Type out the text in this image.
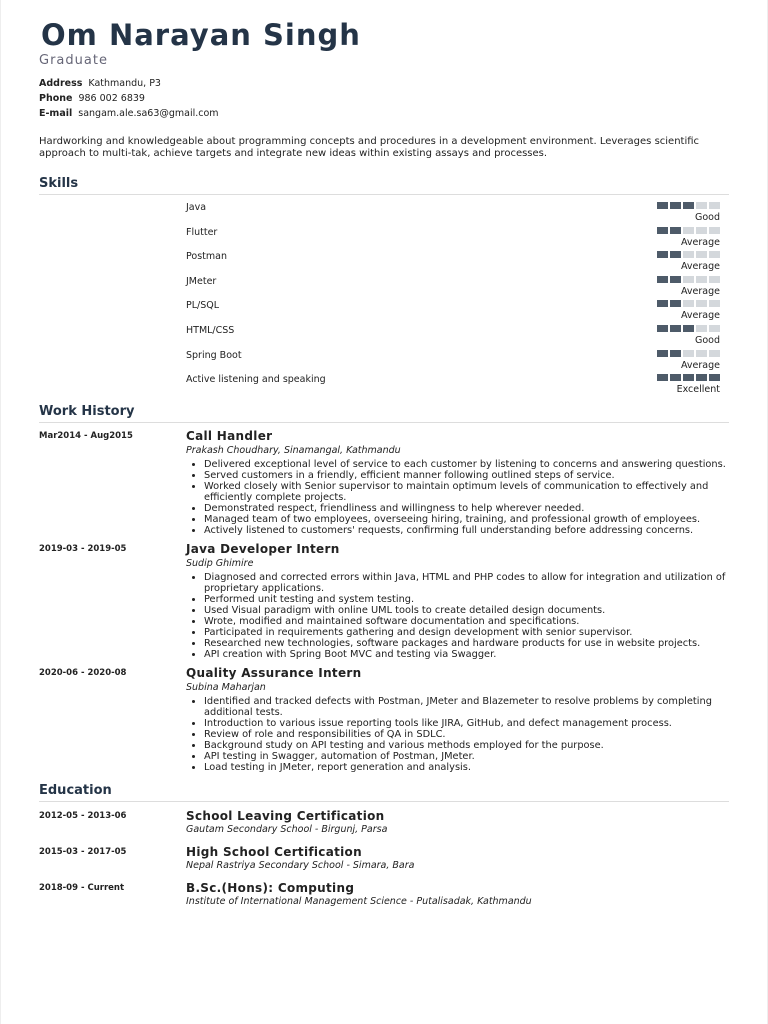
Om Narayan Singh
Graduate
Address Kathmandu, P3
Phone 986 002 6839
E-mail sangam.ale.sa63@gmail.com
Hardworking and knowledgeable about programming concepts and procedures in a development environment. Leverages scientific approach to multi-tak, achieve targets and integrate new ideas within existing assays and processes.
Skills
Java
Good
Flutter
Average
Postman
Average
JMeter
Average
PL/SQL
Average
HTML/CSS
Good
Spring Boot
Average
Active listening and speaking
Excellent
Work History
Mar2014 - Aug2015	Call Handler
Prakash Choudhary, Sinamangal, Kathmandu
• Delivered exceptional level of service to each customer by listening to concerns and answering questions.
• Served customers in a friendly, efficient manner following outlined steps of service.
• Worked closely with Senior supervisor to maintain optimum levels of communication to effectively and efficiently complete projects.
• Demonstrated respect, friendliness and willingness to help wherever needed.
• Managed team of two employees, overseeing hiring, training, and professional growth of employees.
• Actively listened to customers' requests, confirming full understanding before addressing concerns.
2019-03 - 2019-05	Java Developer Intern
Sudip Ghimire
• Diagnosed and corrected errors within Java, HTML and PHP codes to allow for integration and utilization of proprietary applications.
• Performed unit testing and system testing.
• Used Visual paradigm with online UML tools to create detailed design documents.
• Wrote, modified and maintained software documentation and specifications.
• Participated in requirements gathering and design development with senior supervisor.
• Researched new technologies, software packages and hardware products for use in website projects.
• API creation with Spring Boot MVC and testing via Swagger.
2020-06 - 2020-08	Quality Assurance Intern
Subina Maharjan
• Identified and tracked defects with Postman, JMeter and Blazemeter to resolve problems by completing additional tests.
• Introduction to various issue reporting tools like JIRA, GitHub, and defect management process.
• Review of role and responsibilities of QA in SDLC.
• Background study on API testing and various methods employed for the purpose.
• API testing in Swagger, automation of Postman, JMeter.
• Load testing in JMeter, report generation and analysis.
Education
2012-05 - 2013-06	School Leaving Certification
Gautam Secondary School - Birgunj, Parsa
2015-03 - 2017-05	High School Certification
Nepal Rastriya Secondary School - Simara, Bara
2018-09 - Current	B.Sc.(Hons): Computing
Institute of International Management Science - Putalisadak, Kathmandu
